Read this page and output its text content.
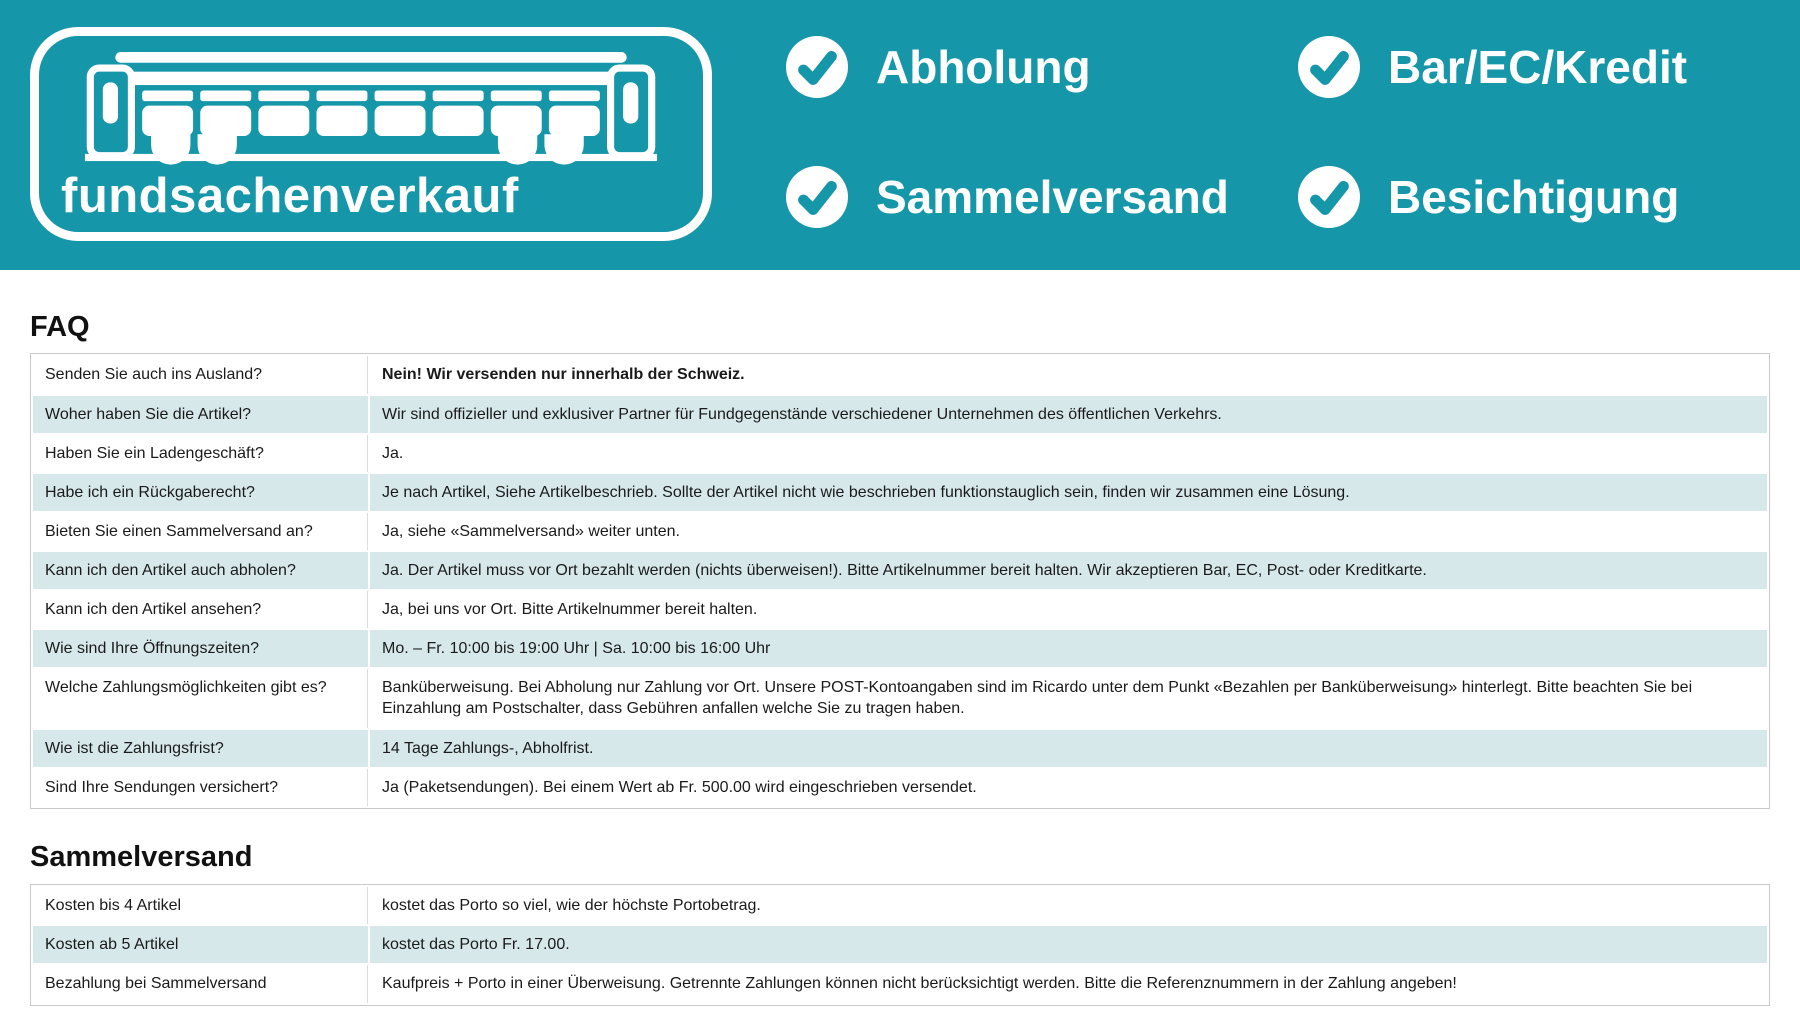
fundsachenverkauf
Abholung	Bar/EC/Kredit
Sammelversand	Besichtigung
FAQ
Senden Sie auch ins Ausland?	Nein! Wir versenden nur innerhalb der Schweiz.
Woher haben Sie die Artikel?	Wir sind offizieller und exklusiver Partner für Fundgegenstände verschiedener Unternehmen des öffentlichen Verkehrs.
Haben Sie ein Ladengeschäft?	Ja.
Habe ich ein Rückgaberecht?	Je nach Artikel, Siehe Artikelbeschrieb. Sollte der Artikel nicht wie beschrieben funktionstauglich sein, finden wir zusammen eine Lösung.
Bieten Sie einen Sammelversand an?	Ja, siehe «Sammelversand» weiter unten.
Kann ich den Artikel auch abholen?	Ja. Der Artikel muss vor Ort bezahlt werden (nichts überweisen!). Bitte Artikelnummer bereit halten. Wir akzeptieren Bar, EC, Post- oder Kreditkarte.
Kann ich den Artikel ansehen?	Ja, bei uns vor Ort. Bitte Artikelnummer bereit halten.
Wie sind Ihre Öffnungszeiten?	Mo. – Fr. 10:00 bis 19:00 Uhr | Sa. 10:00 bis 16:00 Uhr
Welche Zahlungsmöglichkeiten gibt es?	Banküberweisung. Bei Abholung nur Zahlung vor Ort. Unsere POST-Kontoangaben sind im Ricardo unter dem Punkt «Bezahlen per Banküberweisung» hinterlegt. Bitte beachten Sie bei Einzahlung am Postschalter, dass Gebühren anfallen welche Sie zu tragen haben.
Wie ist die Zahlungsfrist?	14 Tage Zahlungs-, Abholfrist.
Sind Ihre Sendungen versichert?	Ja (Paketsendungen). Bei einem Wert ab Fr. 500.00 wird eingeschrieben versendet.
Sammelversand
Kosten bis 4 Artikel	kostet das Porto so viel, wie der höchste Portobetrag.
Kosten ab 5 Artikel	kostet das Porto Fr. 17.00.
Bezahlung bei Sammelversand	Kaufpreis + Porto in einer Überweisung. Getrennte Zahlungen können nicht berücksichtigt werden. Bitte die Referenznummern in der Zahlung angeben!
